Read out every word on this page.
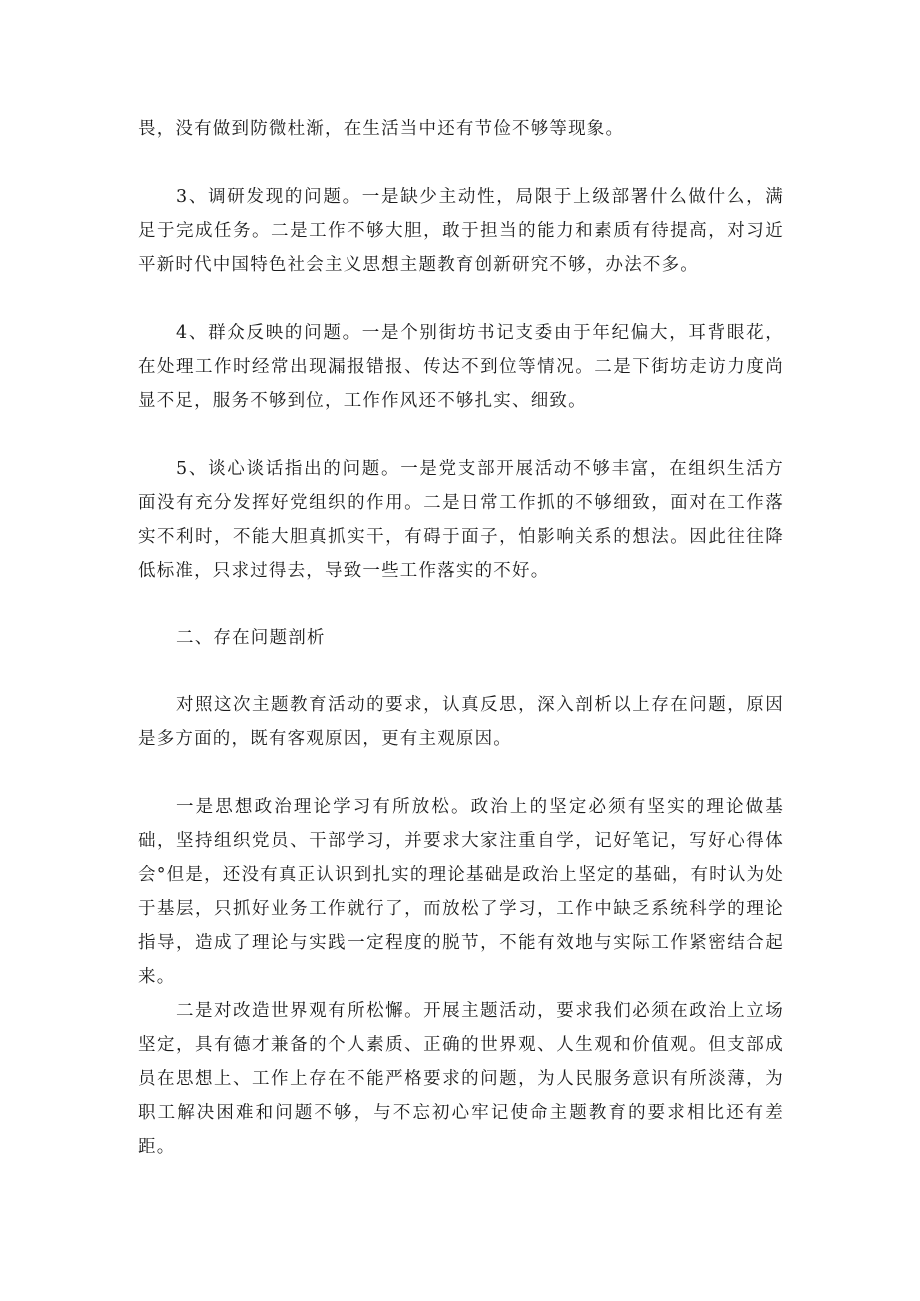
畏，没有做到防微杜渐，在生活当中还有节俭不够等现象。

3、调研发现的问题。一是缺少主动性，局限于上级部署什么做什么，满足于完成任务。二是工作不够大胆，敢于担当的能力和素质有待提高，对习近平新时代中国特色社会主义思想主题教育创新研究不够，办法不多。

4、群众反映的问题。一是个别街坊书记支委由于年纪偏大，耳背眼花，在处理工作时经常出现漏报错报、传达不到位等情况。二是下街坊走访力度尚显不足，服务不够到位，工作作风还不够扎实、细致。

5、谈心谈话指出的问题。一是党支部开展活动不够丰富，在组织生活方面没有充分发挥好党组织的作用。二是日常工作抓的不够细致，面对在工作落实不利时，不能大胆真抓实干，有碍于面子，怕影响关系的想法。因此往往降低标准，只求过得去，导致一些工作落实的不好。

二、存在问题剖析

对照这次主题教育活动的要求，认真反思，深入剖析以上存在问题，原因是多方面的，既有客观原因，更有主观原因。

一是思想政治理论学习有所放松。政治上的坚定必须有坚实的理论做基础，坚持组织党员、干部学习，并要求大家注重自学，记好笔记，写好心得体会°但是，还没有真正认识到扎实的理论基础是政治上坚定的基础，有时认为处于基层，只抓好业务工作就行了，而放松了学习，工作中缺乏系统科学的理论指导，造成了理论与实践一定程度的脱节，不能有效地与实际工作紧密结合起来。

二是对改造世界观有所松懈。开展主题活动，要求我们必须在政治上立场坚定，具有德才兼备的个人素质、正确的世界观、人生观和价值观。但支部成员在思想上、工作上存在不能严格要求的问题，为人民服务意识有所淡薄，为职工解决困难和问题不够，与不忘初心牢记使命主题教育的要求相比还有差距。
